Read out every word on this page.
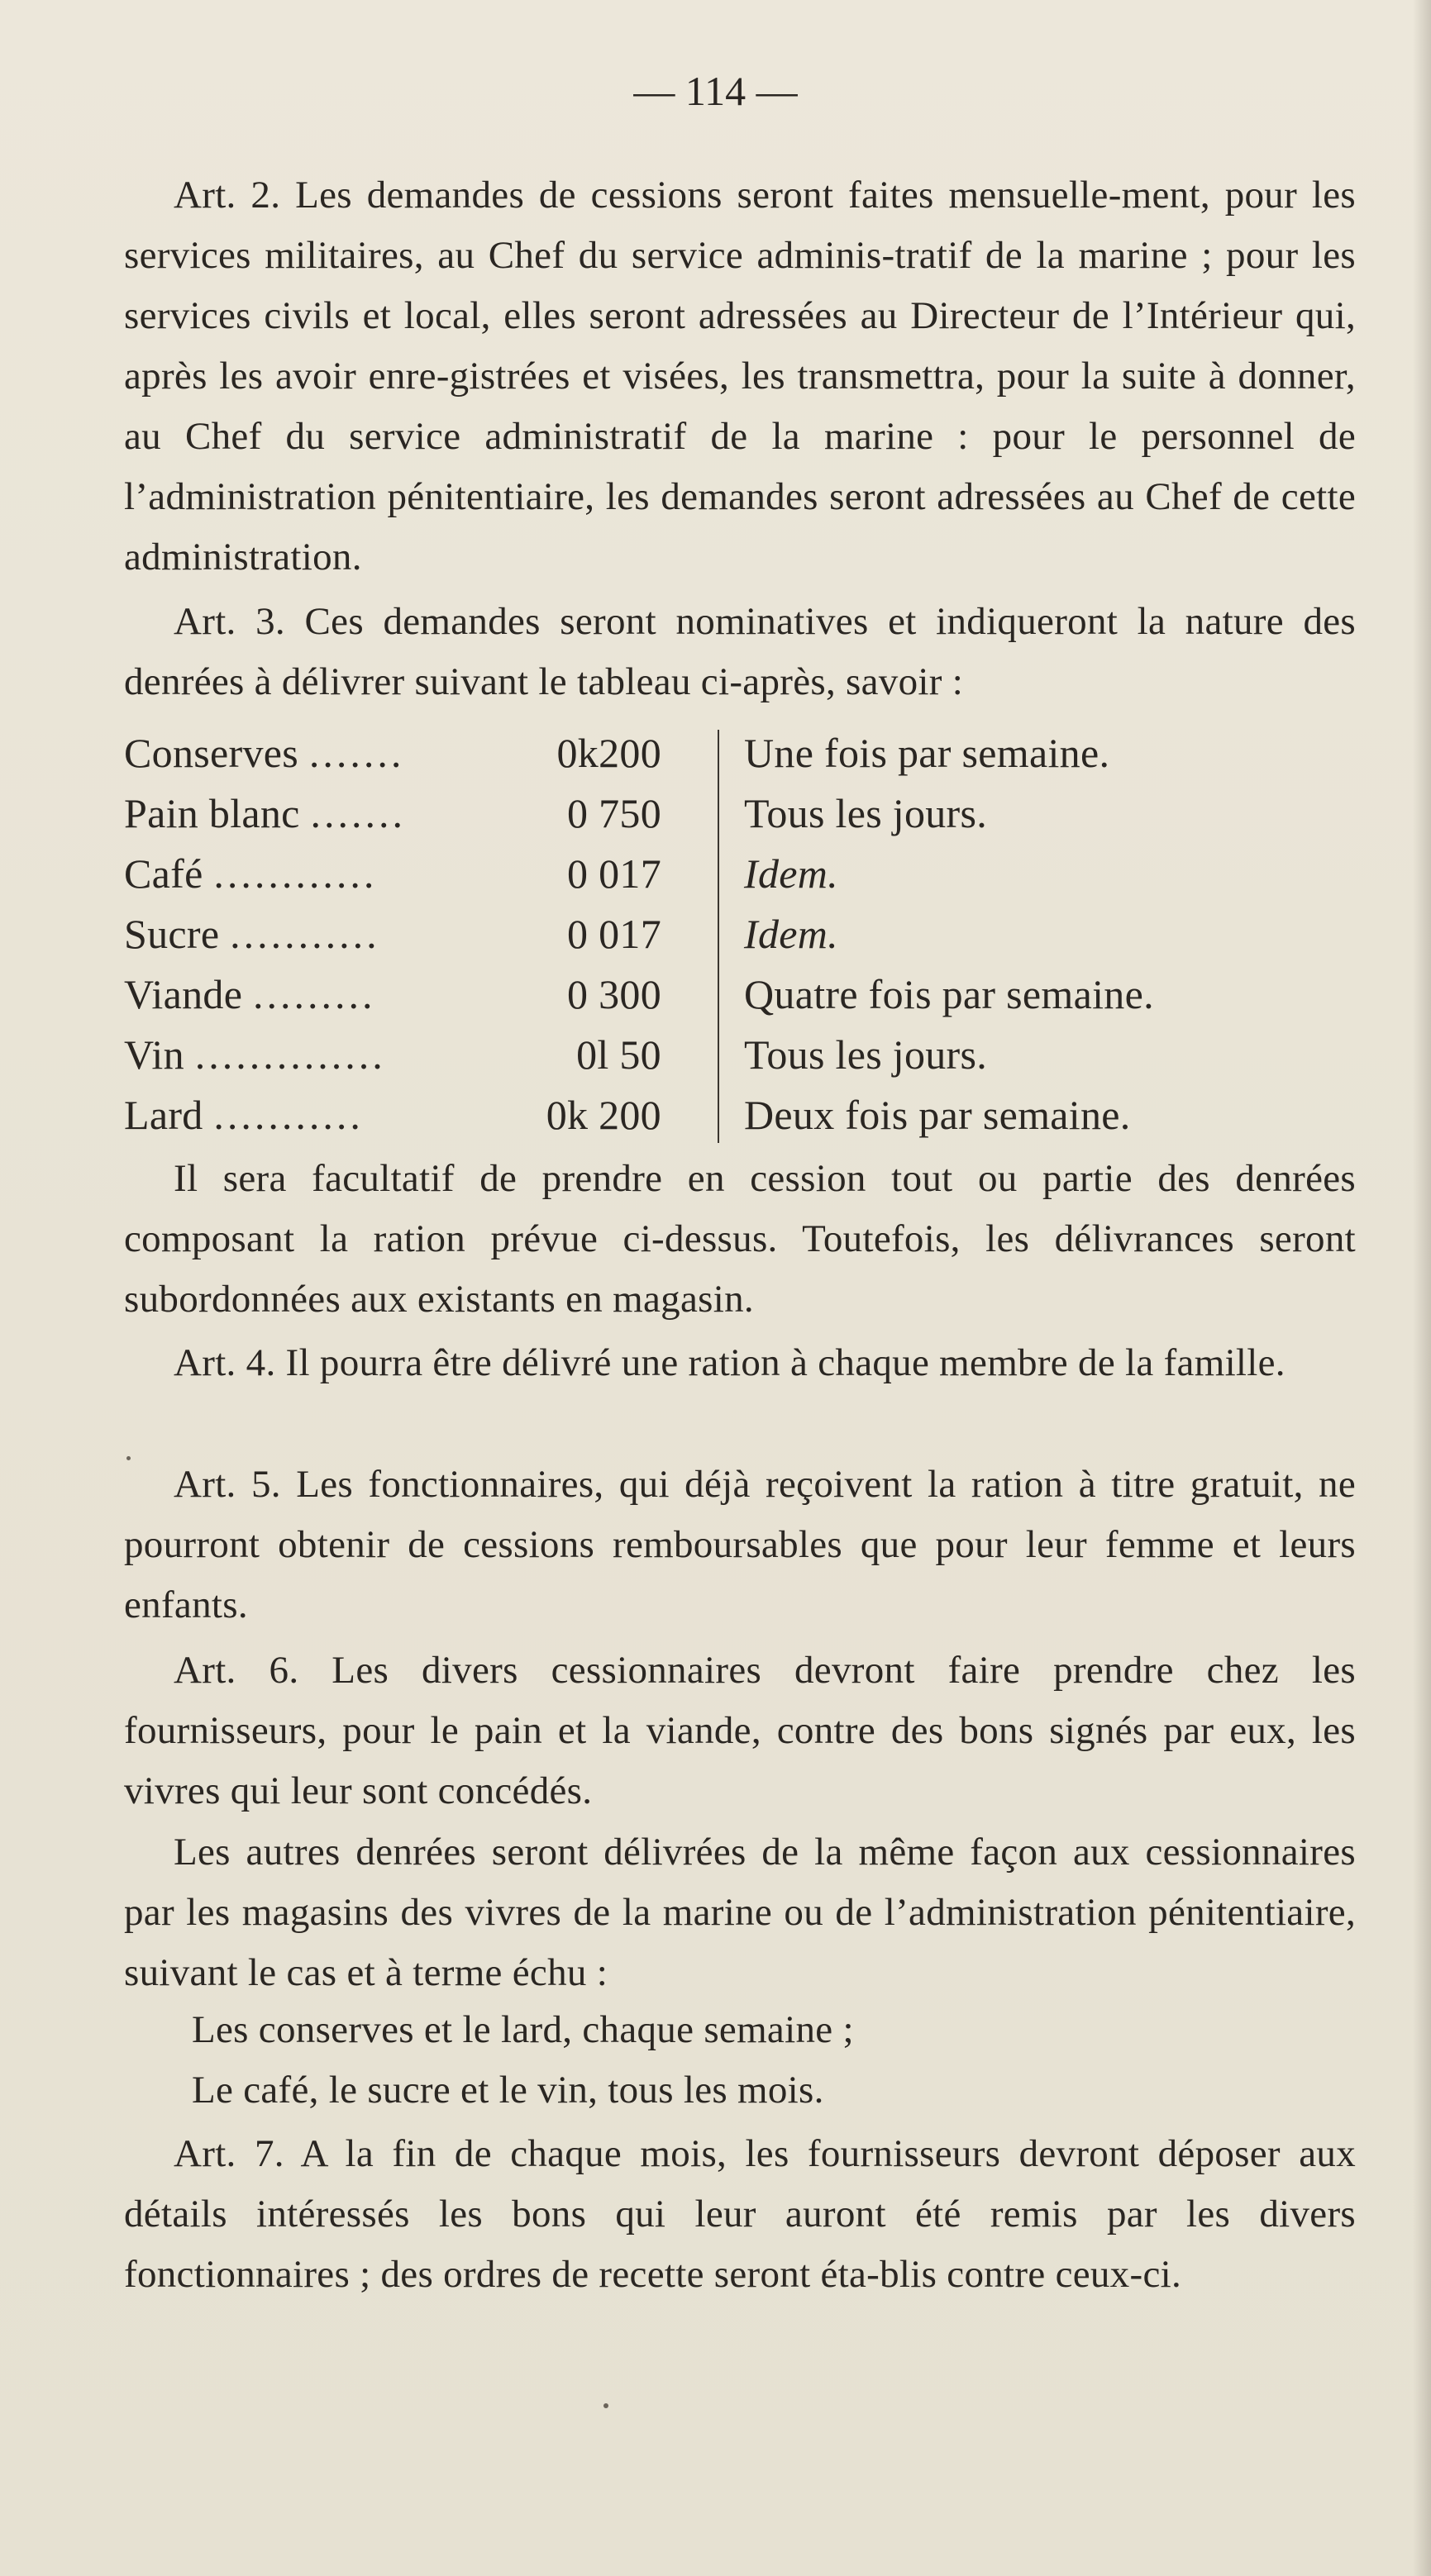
— 114 —

Art. 2. Les demandes de cessions seront faites mensuelle-ment, pour les services militaires, au Chef du service adminis-tratif de la marine ; pour les services civils et local, elles seront adressées au Directeur de l’Intérieur qui, après les avoir enre-gistrées et visées, les transmettra, pour la suite à donner, au Chef du service administratif de la marine : pour le personnel de l’administration pénitentiaire, les demandes seront adressées au Chef de cette administration.

Art. 3. Ces demandes seront nominatives et indiqueront la nature des denrées à délivrer suivant le tableau ci-après, savoir :

Conserves .......	0k200 Une fois par semaine.
Pain blanc .......	0 750 Tous les jours.
Café ............	0 017 Idem.
Sucre ...........	0 017 Idem.
Viande .........	0 300 Quatre fois par semaine.
Vin ..............	0l 50 Tous les jours.
Lard ...........	0k 200 Deux fois par semaine.

Il sera facultatif de prendre en cession tout ou partie des denrées composant la ration prévue ci-dessus. Toutefois, les délivrances seront subordonnées aux existants en magasin.

Art. 4. Il pourra être délivré une ration à chaque membre de la famille.

Art. 5. Les fonctionnaires, qui déjà reçoivent la ration à titre gratuit, ne pourront obtenir de cessions remboursables que pour leur femme et leurs enfants.

Art. 6. Les divers cessionnaires devront faire prendre chez les fournisseurs, pour le pain et la viande, contre des bons signés par eux, les vivres qui leur sont concédés.

Les autres denrées seront délivrées de la même façon aux cessionnaires par les magasins des vivres de la marine ou de l’administration pénitentiaire, suivant le cas et à terme échu :

Les conserves et le lard, chaque semaine ;

Le café, le sucre et le vin, tous les mois.

Art. 7. A la fin de chaque mois, les fournisseurs devront déposer aux détails intéressés les bons qui leur auront été remis par les divers fonctionnaires ; des ordres de recette seront éta-blis contre ceux-ci.
